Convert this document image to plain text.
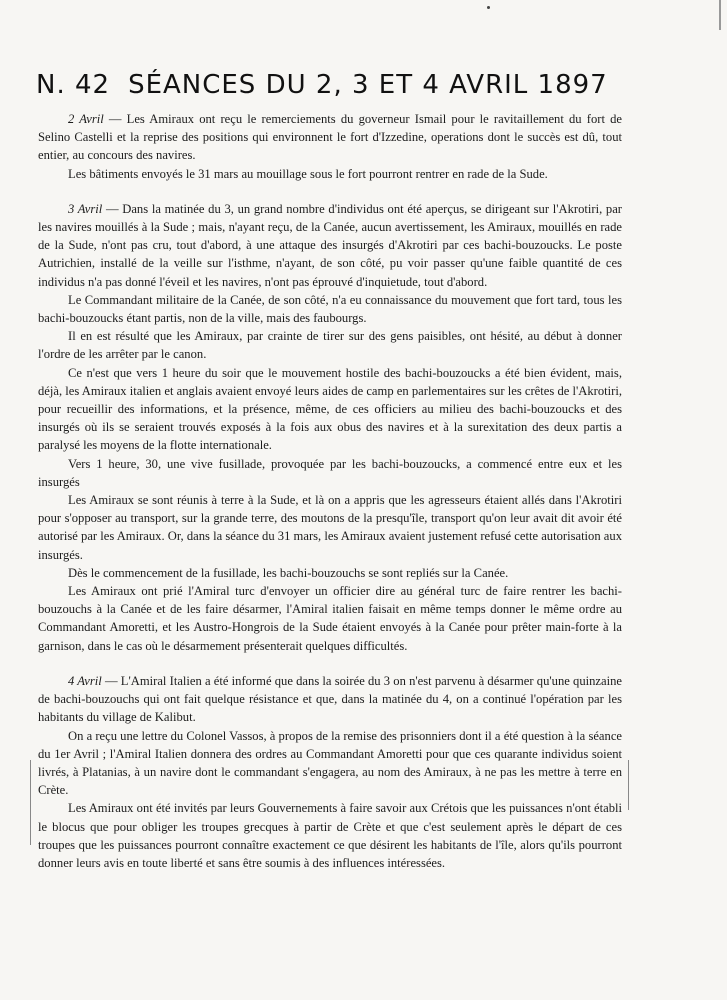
N. 42 SÉANCES DU 2, 3 ET 4 AVRIL 1897

2 Avril — Les Amiraux ont reçu le remerciements du governeur Ismail pour le ravitaillement du fort de Selino Castelli et la reprise des positions qui environnent le fort d'Izzedine, operations dont le succès est dû, tout entier, au concours des navires.

Les bâtiments envoyés le 31 mars au mouillage sous le fort pourront rentrer en rade de la Sude.

3 Avril — Dans la matinée du 3, un grand nombre d'individus ont été aperçus, se dirigeant sur l'Akrotiri, par les navires mouillés à la Sude ; mais, n'ayant reçu, de la Canée, aucun avertissement, les Amiraux, mouillés en rade de la Sude, n'ont pas cru, tout d'abord, à une attaque des insurgés d'Akrotiri par ces bachi-bouzoucks. Le poste Autrichien, installé de la veille sur l'isthme, n'ayant, de son côté, pu voir passer qu'une faible quantité de ces individus n'a pas donné l'éveil et les navires, n'ont pas éprouvé d'inquietude, tout d'abord.

Le Commandant militaire de la Canée, de son côté, n'a eu connaissance du mouvement que fort tard, tous les bachi-bouzoucks étant partis, non de la ville, mais des faubourgs.

Il en est résulté que les Amiraux, par crainte de tirer sur des gens paisibles, ont hésité, au début à donner l'ordre de les arrêter par le canon.

Ce n'est que vers 1 heure du soir que le mouvement hostile des bachi-bouzoucks a été bien évident, mais, déjà, les Amiraux italien et anglais avaient envoyé leurs aides de camp en parlementaires sur les crêtes de l'Akrotiri, pour recueillir des informations, et la présence, même, de ces officiers au milieu des bachi-bouzoucks et des insurgés où ils se seraient trouvés exposés à la fois aux obus des navires et à la surexitation des deux partis a paralysé les moyens de la flotte internationale.

Vers 1 heure, 30, une vive fusillade, provoquée par les bachi-bouzoucks, a commencé entre eux et les insurgés

Les Amiraux se sont réunis à terre à la Sude, et là on a appris que les agresseurs étaient allés dans l'Akrotiri pour s'opposer au transport, sur la grande terre, des moutons de la presqu'île, transport qu'on leur avait dit avoir été autorisé par les Amiraux. Or, dans la séance du 31 mars, les Amiraux avaient justement refusé cette autorisation aux insurgés.

Dès le commencement de la fusillade, les bachi-bouzouchs se sont repliés sur la Canée.

Les Amiraux ont prié l'Amiral turc d'envoyer un officier dire au général turc de faire rentrer les bachi-bouzouchs à la Canée et de les faire désarmer, l'Amiral italien faisait en même temps donner le même ordre au Commandant Amoretti, et les Austro-Hongrois de la Sude étaient envoyés à la Canée pour prêter main-forte à la garnison, dans le cas où le désarmement présenterait quelques difficultés.

4 Avril — L'Amiral Italien a été informé que dans la soirée du 3 on n'est parvenu à désarmer qu'une quinzaine de bachi-bouzouchs qui ont fait quelque résistance et que, dans la matinée du 4, on a continué l'opération par les habitants du village de Kalibut.

On a reçu une lettre du Colonel Vassos, à propos de la remise des prisonniers dont il a été question à la séance du 1er Avril ; l'Amiral Italien donnera des ordres au Commandant Amoretti pour que ces quarante individus soient livrés, à Platanias, à un navire dont le commandant s'engagera, au nom des Amiraux, à ne pas les mettre à terre en Crète.

Les Amiraux ont été invités par leurs Gouvernements à faire savoir aux Crétois que les puissances n'ont établi le blocus que pour obliger les troupes grecques à partir de Crète et que c'est seulement après le départ de ces troupes que les puissances pourront connaître exactement ce que désirent les habitants de l'île, alors qu'ils pourront donner leurs avis en toute liberté et sans être soumis à des influences intéressées.
